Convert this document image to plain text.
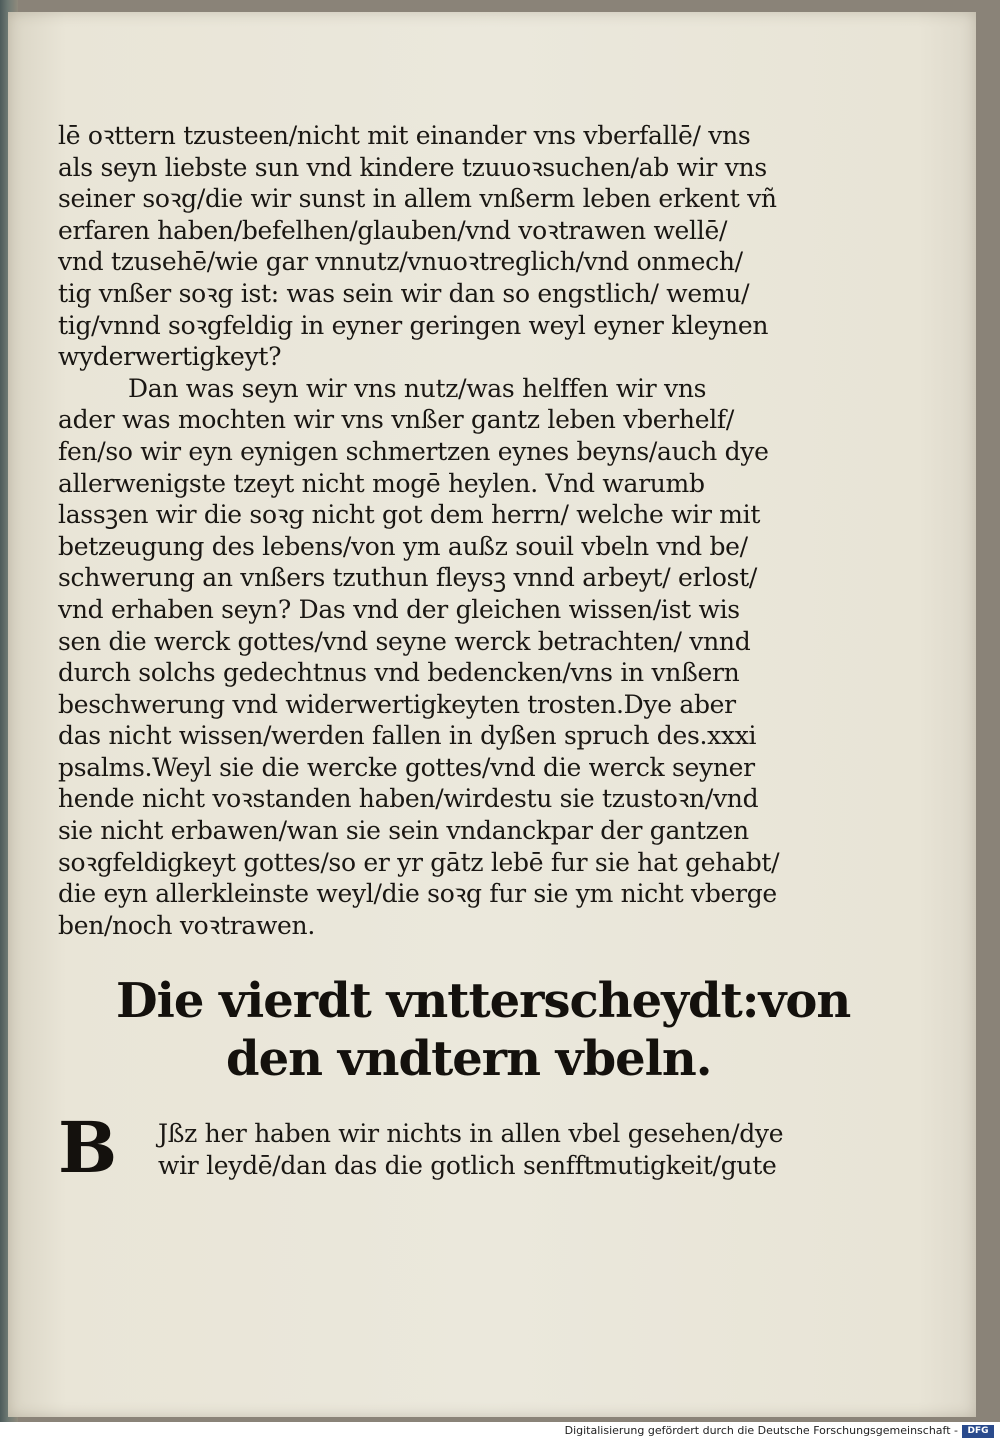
lē oꝛttern tzusteen/nicht mit einander vns vberfallē/ vns
als seyn liebste sun vnd kindere tzuuoꝛsuchen/ab wir vns
seiner soꝛg/die wir sunst in allem vnßerm leben erkent vñ
erfaren haben/befelhen/glauben/vnd voꝛtrawen wellē/
vnd tzusehē/wie gar vnnutz/vnuoꝛtreglich/vnd onmech/
tig vnßer soꝛg ist: was sein wir dan so engstlich/ wemu/
tig/vnnd soꝛgfeldig in eyner geringen weyl eyner kleynen
wyderwertigkeyt?
Dan was seyn wir vns nutz/was helffen wir vns
ader was mochten wir vns vnßer gantz leben vberhelf/
fen/so wir eyn eynigen schmertzen eynes beyns/auch dye
allerwenigste tzeyt nicht mogē heylen. Vnd warumb
lassꝫen wir die soꝛg nicht got dem herrn/ welche wir mit
betzeugung des lebens/von ym außz souil vbeln vnd be/
schwerung an vnßers tzuthun fleysꝫ vnnd arbeyt/ erlost/
vnd erhaben seyn? Das vnd der gleichen wissen/ist wis
sen die werck gottes/vnd seyne werck betrachten/ vnnd
durch solchs gedechtnus vnd bedencken/vns in vnßern
beschwerung vnd widerwertigkeyten trosten.Dye aber
das nicht wissen/werden fallen in dyßen spruch des.xxxi
psalms.Weyl sie die wercke gottes/vnd die werck seyner
hende nicht voꝛstanden haben/wirdestu sie tzustoꝛn/vnd
sie nicht erbawen/wan sie sein vndanckpar der gantzen
soꝛgfeldigkeyt gottes/so er yr gātz lebē fur sie hat gehabt/
die eyn allerkleinste weyl/die soꝛg fur sie ym nicht vberge
ben/noch voꝛtrawen.
Die vierdt vntterscheydt:von
den vndtern vbeln.
B	Jßz her haben wir nichts in allen vbel gesehen/dye
wir leydē/dan das die gotlich senfftmutigkeit/gute
Digitalisierung gefördert durch die Deutsche Forschungsgemeinschaft -	DFG
